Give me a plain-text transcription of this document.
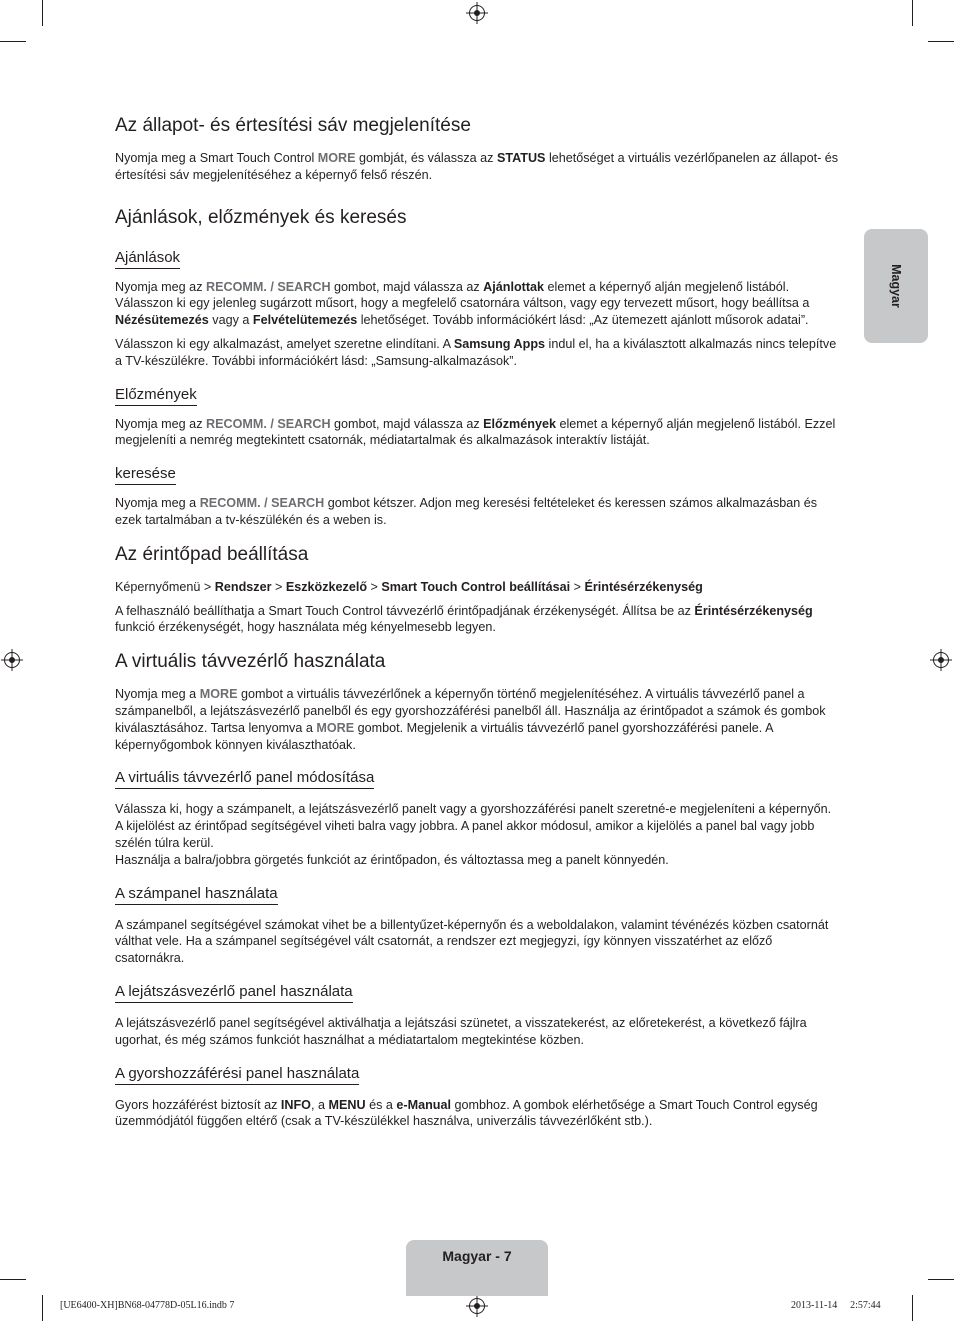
Magyar
Az állapot- és értesítési sáv megjelenítése

Nyomja meg a Smart Touch Control MORE gombját, és válassza az STATUS lehetőséget a virtuális vezérlőpanelen az állapot- és értesítési sáv megjelenítéséhez a képernyő felső részén.

Ajánlások, előzmények és keresés
Ajánlások

Nyomja meg az RECOMM. / SEARCH gombot, majd válassza az Ajánlottak elemet a képernyő alján megjelenő listából. Válasszon ki egy jelenleg sugárzott műsort, hogy a megfelelő csatornára váltson, vagy egy tervezett műsort, hogy beállítsa a Nézésütemezés vagy a Felvételütemezés lehetőséget. Tovább információkért lásd: „Az ütemezett ajánlott műsorok adatai”.

Válasszon ki egy alkalmazást, amelyet szeretne elindítani. A Samsung Apps indul el, ha a kiválasztott alkalmazás nincs telepítve a TV-készülékre. További információkért lásd: „Samsung-alkalmazások”.

Előzmények

Nyomja meg az RECOMM. / SEARCH gombot, majd válassza az Előzmények elemet a képernyő alján megjelenő listából. Ezzel megjeleníti a nemrég megtekintett csatornák, médiatartalmak és alkalmazások interaktív listáját.

keresése

Nyomja meg a RECOMM. / SEARCH gombot kétszer. Adjon meg keresési feltételeket és keressen számos alkalmazásban és ezek tartalmában a tv-készülékén és a weben is.

Az érintőpad beállítása

Képernyőmenü > Rendszer > Eszközkezelő > Smart Touch Control beállításai > Érintésérzékenység

A felhasználó beállíthatja a Smart Touch Control távvezérlő érintőpadjának érzékenységét. Állítsa be az Érintésérzékenység funkció érzékenységét, hogy használata még kényelmesebb legyen.

A virtuális távvezérlő használata

Nyomja meg a MORE gombot a virtuális távvezérlőnek a képernyőn történő megjelenítéséhez. A virtuális távvezérlő panel a számpanelből, a lejátszásvezérlő panelből és egy gyorshozzáférési panelből áll. Használja az érintőpadot a számok és gombok kiválasztásához. Tartsa lenyomva a MORE gombot. Megjelenik a virtuális távvezérlő panel gyorshozzáférési panele. A képernyőgombok könnyen kiválaszthatóak.

A virtuális távvezérlő panel módosítása

Válassza ki, hogy a számpanelt, a lejátszásvezérlő panelt vagy a gyorshozzáférési panelt szeretné-e megjeleníteni a képernyőn.
A kijelölést az érintőpad segítségével viheti balra vagy jobbra. A panel akkor módosul, amikor a kijelölés a panel bal vagy jobb szélén túlra kerül.
Használja a balra/jobbra görgetés funkciót az érintőpadon, és változtassa meg a panelt könnyedén.

A számpanel használata

A számpanel segítségével számokat vihet be a billentyűzet-képernyőn és a weboldalakon, valamint tévénézés közben csatornát válthat vele. Ha a számpanel segítségével vált csatornát, a rendszer ezt megjegyzi, így könnyen visszatérhet az előző csatornákra.

A lejátszásvezérlő panel használata

A lejátszásvezérlő panel segítségével aktiválhatja a lejátszási szünetet, a visszatekerést, az előretekerést, a következő fájlra ugorhat, és még számos funkciót használhat a médiatartalom megtekintése közben.

A gyorshozzáférési panel használata

Gyors hozzáférést biztosít az INFO, a MENU és a e-Manual gombhoz. A gombok elérhetősége a Smart Touch Control egység üzemmódjától függően eltérő (csak a TV-készülékkel használva, univerzális távvezérlőként stb.).

Magyar - 7
[UE6400-XH]BN68-04778D-05L16.indb 7	2013-11-14 ￿ 2:57:44
